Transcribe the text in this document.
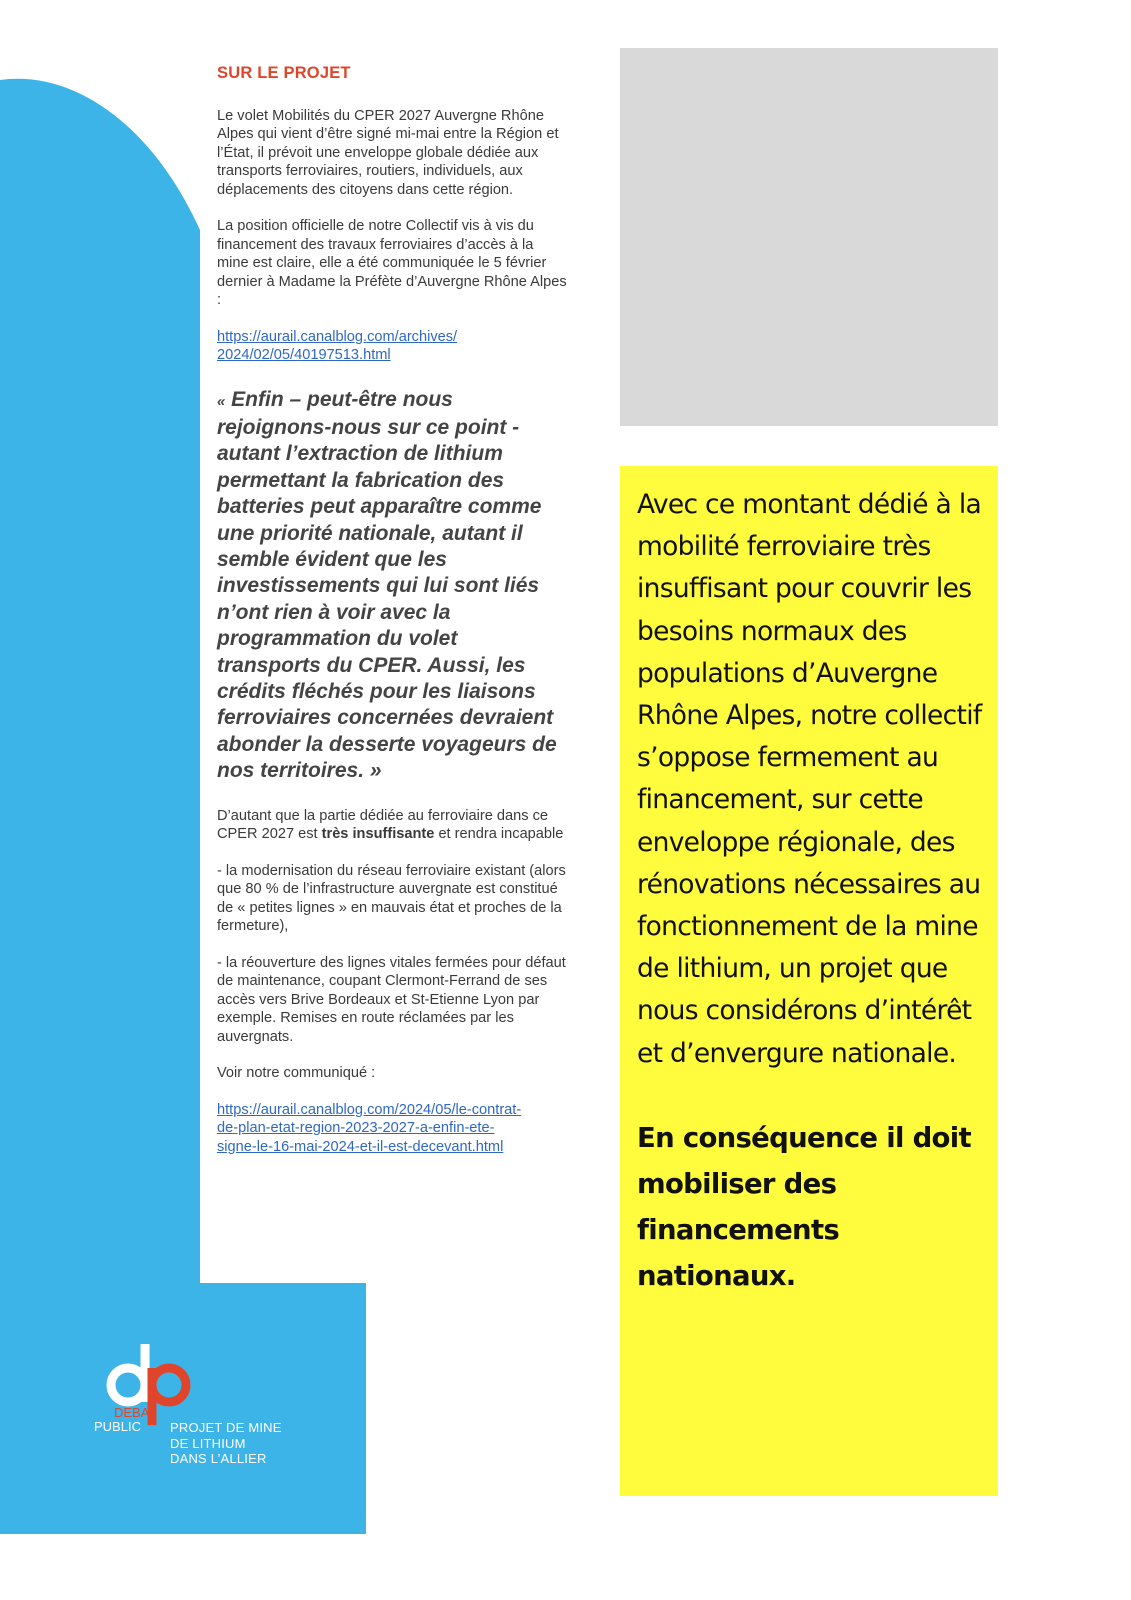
SUR LE PROJET

Le volet Mobilités du CPER 2027 Auvergne Rhône Alpes qui vient d’être signé mi-mai entre la Région et l’État, il prévoit une enveloppe globale dédiée aux transports ferroviaires, routiers, individuels, aux déplacements des citoyens dans cette région.

La position officielle de notre Collectif vis à vis du financement des travaux ferroviaires d’accès à la mine est claire, elle a été communiquée le 5 février dernier à Madame la Préfète d’Auvergne Rhône Alpes :

https://aurail.canalblog.com/archives/
2024/02/05/40197513.html

« Enfin – peut-être nous rejoignons-nous sur ce point - autant l’extraction de lithium permettant la fabrication des batteries peut apparaître comme une priorité nationale, autant il semble évident que les investissements qui lui sont liés n’ont rien à voir avec la programmation du volet transports du CPER. Aussi, les crédits fléchés pour les liaisons ferroviaires concernées devraient abonder la desserte voyageurs de nos territoires. »

D’autant que la partie dédiée au ferroviaire dans ce CPER 2027 est très insuffisante et rendra incapable

- la modernisation du réseau ferroviaire existant (alors que 80 % de l’infrastructure auvergnate est constitué de « petites lignes » en mauvais état et proches de la fermeture),

- la réouverture des lignes vitales fermées pour défaut de maintenance, coupant Clermont-Ferrand de ses accès vers Brive Bordeaux et St-Etienne Lyon par exemple. Remises en route réclamées par les auvergnats.

Voir notre communiqué :

https://aurail.canalblog.com/2024/05/le-contrat-
de-plan-etat-region-2023-2027-a-enfin-ete-
signe-le-16-mai-2024-et-il-est-decevant.html

Avec ce montant dédié à la mobilité ferroviaire très insuffisant pour couvrir les besoins normaux des populations d’Auvergne Rhône Alpes, notre collectif s’oppose fermement au financement, sur cette enveloppe régionale, des rénovations nécessaires au fonctionnement de la mine de lithium, un projet que nous considérons d’intérêt et d’envergure nationale.

En conséquence il doit mobiliser des financements nationaux.

DEBAT

PUBLIC PROJET DE MINE
DE LITHIUM
DANS L’ALLIER
